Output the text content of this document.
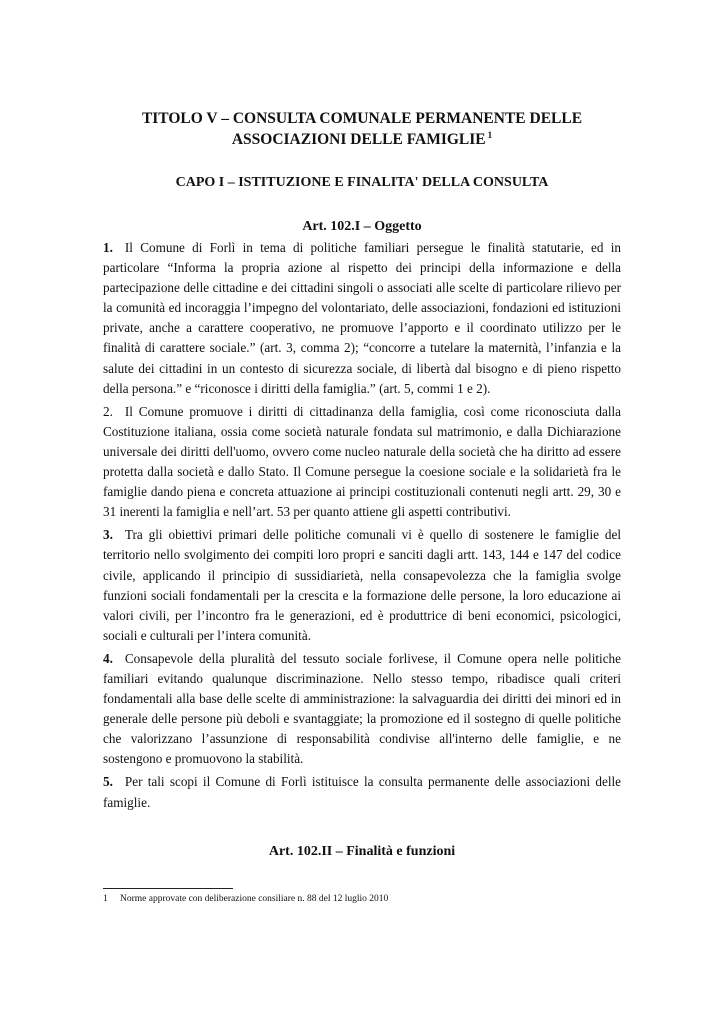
TITOLO V – CONSULTA COMUNALE PERMANENTE DELLE
ASSOCIAZIONI DELLE FAMIGLIE $^1$
CAPO I – ISTITUZIONE E FINALITA' DELLA CONSULTA
Art. 102.I – Oggetto

1. Il Comune di Forlì in tema di politiche familiari persegue le finalità statutarie, ed in particolare “Informa la propria azione al rispetto dei principi della informazione e della partecipazione delle cittadine e dei cittadini singoli o associati alle scelte di particolare rilievo per la comunità ed incoraggia l’impegno del volontariato, delle associazioni, fondazioni ed istituzioni private, anche a carattere cooperativo, ne promuove l’apporto e il coordinato utilizzo per le finalità di carattere sociale.” (art. 3, comma 2); “concorre a tutelare la maternità, l’infanzia e la salute dei cittadini in un contesto di sicurezza sociale, di libertà dal bisogno e di pieno rispetto della persona.” e “riconosce i diritti della famiglia.” (art. 5, commi 1 e 2).

2. Il Comune promuove i diritti di cittadinanza della famiglia, così come riconosciuta dalla Costituzione italiana, ossia come società naturale fondata sul matrimonio, e dalla Dichiarazione universale dei diritti dell'uomo, ovvero come nucleo naturale della società che ha diritto ad essere protetta dalla società e dallo Stato. Il Comune persegue la coesione sociale e la solidarietà fra le famiglie dando piena e concreta attuazione ai principi costituzionali contenuti negli artt. 29, 30 e 31 inerenti la famiglia e nell’art. 53 per quanto attiene gli aspetti contributivi.

3. Tra gli obiettivi primari delle politiche comunali vi è quello di sostenere le famiglie del territorio nello svolgimento dei compiti loro propri e sanciti dagli artt. 143, 144 e 147 del codice civile, applicando il principio di sussidiarietà, nella consapevolezza che la famiglia svolge funzioni sociali fondamentali per la crescita e la formazione delle persone, la loro educazione ai valori civili, per l’incontro fra le generazioni, ed è produttrice di beni economici, psicologici, sociali e culturali per l’intera comunità.

4. Consapevole della pluralità del tessuto sociale forlivese, il Comune opera nelle politiche familiari evitando qualunque discriminazione. Nello stesso tempo, ribadisce quali criteri fondamentali alla base delle scelte di amministrazione: la salvaguardia dei diritti dei minori ed in generale delle persone più deboli e svantaggiate; la promozione ed il sostegno di quelle politiche che valorizzano l’assunzione di responsabilità condivise all'interno delle famiglie, e ne sostengono e promuovono la stabilità.

5. Per tali scopi il Comune di Forlì istituisce la consulta permanente delle associazioni delle famiglie.

Art. 102.II – Finalità e funzioni
1 Norme approvate con deliberazione consiliare n. 88 del 12 luglio 2010
